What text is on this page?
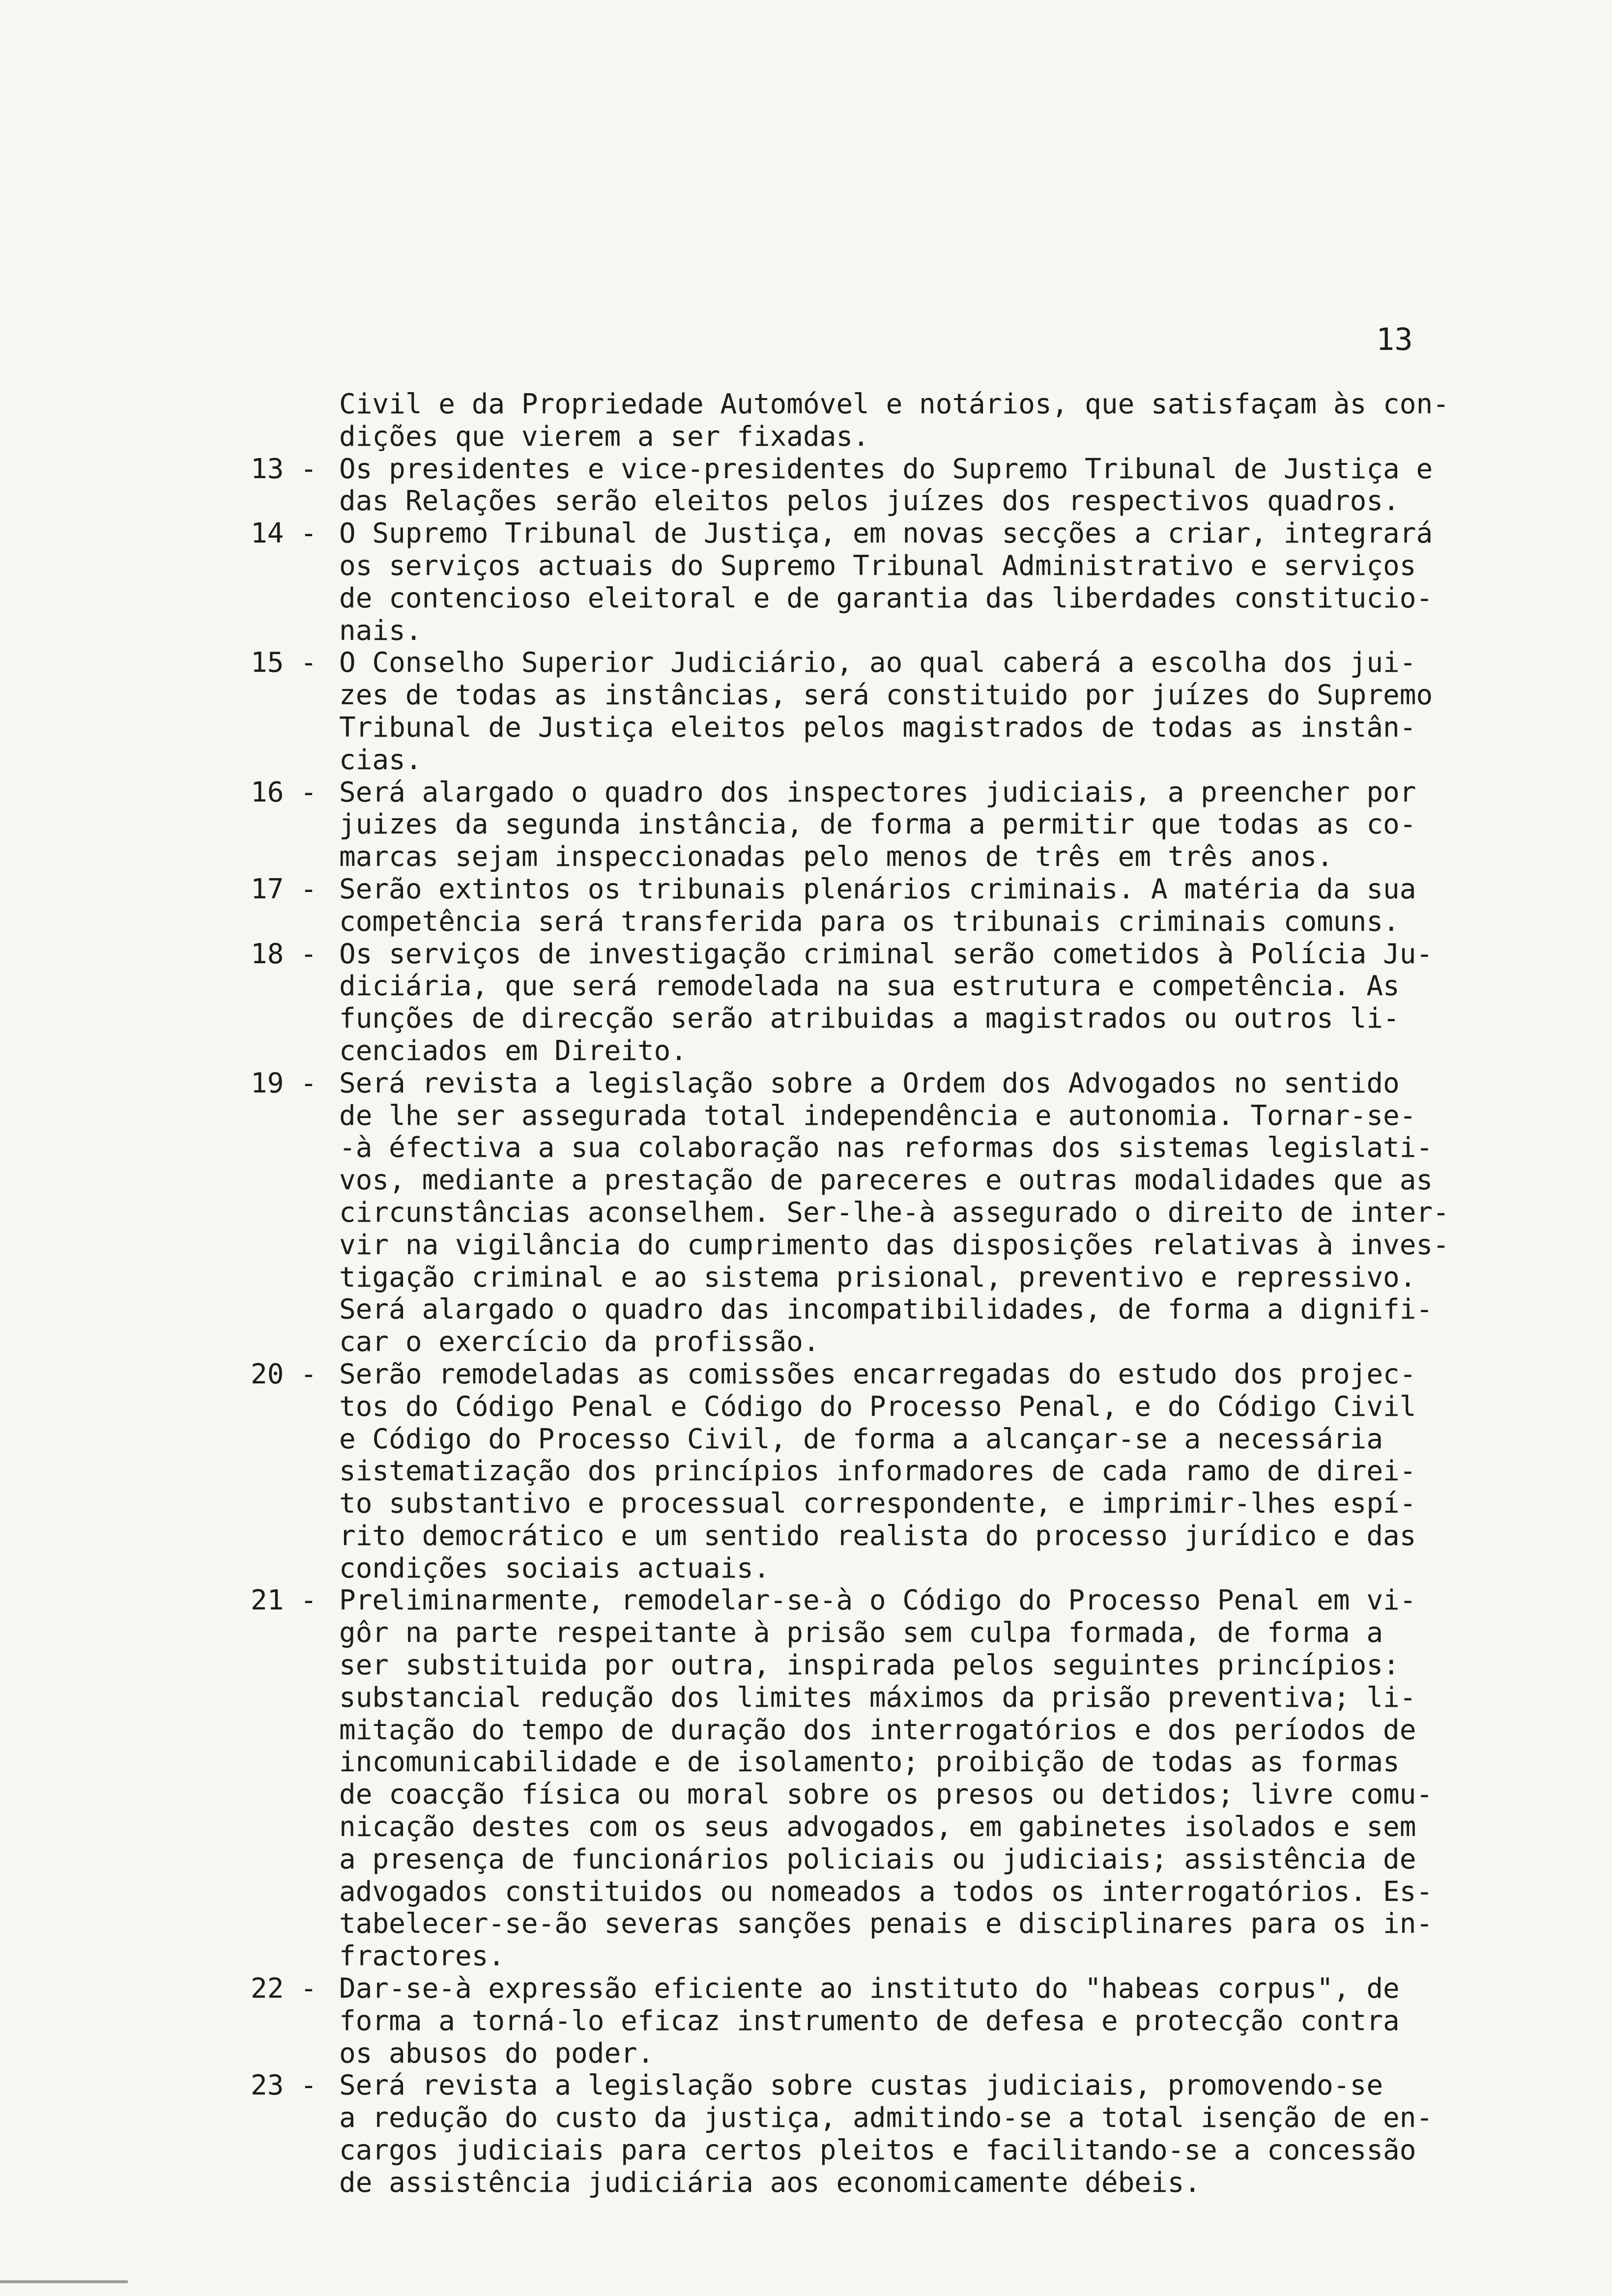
13
Civil e da Propriedade Automóvel e notários, que satisfaçam às con-
dições que vierem a ser fixadas.
13 - Os presidentes e vice-presidentes do Supremo Tribunal de Justiça e
das Relações serão eleitos pelos juízes dos respectivos quadros.
14 - O Supremo Tribunal de Justiça, em novas secções a criar, integrará
os serviços actuais do Supremo Tribunal Administrativo e serviços
de contencioso eleitoral e de garantia das liberdades constitucio-
nais.
15 - O Conselho Superior Judiciário, ao qual caberá a escolha dos jui-
zes de todas as instâncias, será constituido por juízes do Supremo
Tribunal de Justiça eleitos pelos magistrados de todas as instân-
cias.
16 - Será alargado o quadro dos inspectores judiciais, a preencher por
juizes da segunda instância, de forma a permitir que todas as co-
marcas sejam inspeccionadas pelo menos de três em três anos.
17 - Serão extintos os tribunais plenários criminais. A matéria da sua
competência será transferida para os tribunais criminais comuns.
18 - Os serviços de investigação criminal serão cometidos à Polícia Ju-
diciária, que será remodelada na sua estrutura e competência. As
funções de direcção serão atribuidas a magistrados ou outros li-
cenciados em Direito.
19 - Será revista a legislação sobre a Ordem dos Advogados no sentido
de lhe ser assegurada total independência e autonomia. Tornar-se-
-à éfectiva a sua colaboração nas reformas dos sistemas legislati-
vos, mediante a prestação de pareceres e outras modalidades que as
circunstâncias aconselhem. Ser-lhe-à assegurado o direito de inter-
vir na vigilância do cumprimento das disposições relativas à inves-
tigação criminal e ao sistema prisional, preventivo e repressivo.
Será alargado o quadro das incompatibilidades, de forma a dignifi-
car o exercício da profissão.
20 - Serão remodeladas as comissões encarregadas do estudo dos projec-
tos do Código Penal e Código do Processo Penal, e do Código Civil
e Código do Processo Civil, de forma a alcançar-se a necessária
sistematização dos princípios informadores de cada ramo de direi-
to substantivo e processual correspondente, e imprimir-lhes espí-
rito democrático e um sentido realista do processo jurídico e das
condições sociais actuais.
21 - Preliminarmente, remodelar-se-à o Código do Processo Penal em vi-
gôr na parte respeitante à prisão sem culpa formada, de forma a
ser substituida por outra, inspirada pelos seguintes princípios:
substancial redução dos limites máximos da prisão preventiva; li-
mitação do tempo de duração dos interrogatórios e dos períodos de
incomunicabilidade e de isolamento; proibição de todas as formas
de coacção física ou moral sobre os presos ou detidos; livre comu-
nicação destes com os seus advogados, em gabinetes isolados e sem
a presença de funcionários policiais ou judiciais; assistência de
advogados constituidos ou nomeados a todos os interrogatórios. Es-
tabelecer-se-ão severas sanções penais e disciplinares para os in-
fractores.
22 - Dar-se-à expressão eficiente ao instituto do "habeas corpus", de
forma a torná-lo eficaz instrumento de defesa e protecção contra
os abusos do poder.
23 - Será revista a legislação sobre custas judiciais, promovendo-se
a redução do custo da justiça, admitindo-se a total isenção de en-
cargos judiciais para certos pleitos e facilitando-se a concessão
de assistência judiciária aos economicamente débeis.
